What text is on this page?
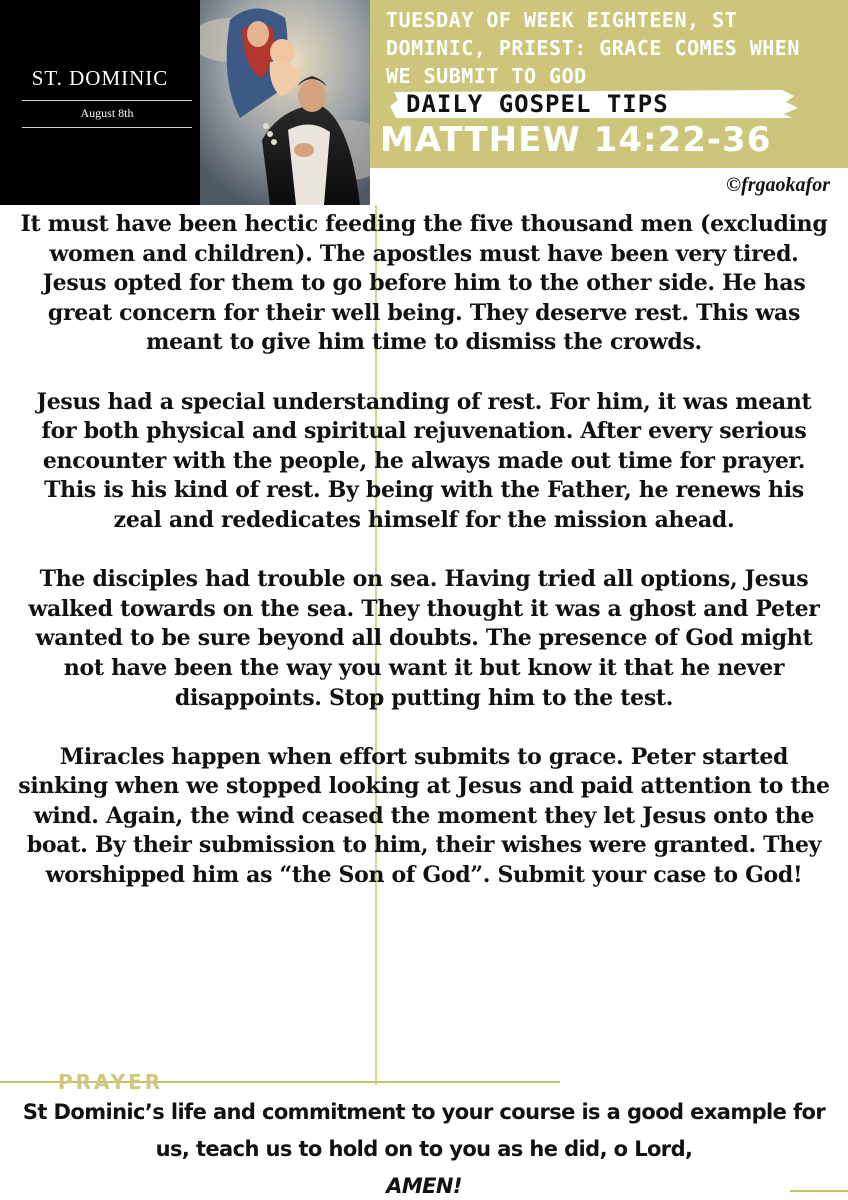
ST. DOMINIC
August 8th
TUESDAY OF WEEK EIGHTEEN, ST DOMINIC, PRIEST: GRACE COMES WHEN WE SUBMIT TO GOD
DAILY GOSPEL TIPS
MATTHEW 14:22-36
©frgaokafor

It must have been hectic feeding the five thousand men (excluding women and children). The apostles must have been very tired. Jesus opted for them to go before him to the other side. He has great concern for their well being. They deserve rest. This was meant to give him time to dismiss the crowds.

Jesus had a special understanding of rest. For him, it was meant for both physical and spiritual rejuvenation. After every serious encounter with the people, he always made out time for prayer. This is his kind of rest. By being with the Father, he renews his zeal and rededicates himself for the mission ahead.

The disciples had trouble on sea. Having tried all options, Jesus walked towards on the sea. They thought it was a ghost and Peter wanted to be sure beyond all doubts. The presence of God might not have been the way you want it but know it that he never disappoints. Stop putting him to the test.

Miracles happen when effort submits to grace. Peter started sinking when we stopped looking at Jesus and paid attention to the wind. Again, the wind ceased the moment they let Jesus onto the boat. By their submission to him, their wishes were granted. They worshipped him as “the Son of God”. Submit your case to God!

PRAYER
St Dominic’s life and commitment to your course is a good example for us, teach us to hold on to you as he did, o Lord,
AMEN!
